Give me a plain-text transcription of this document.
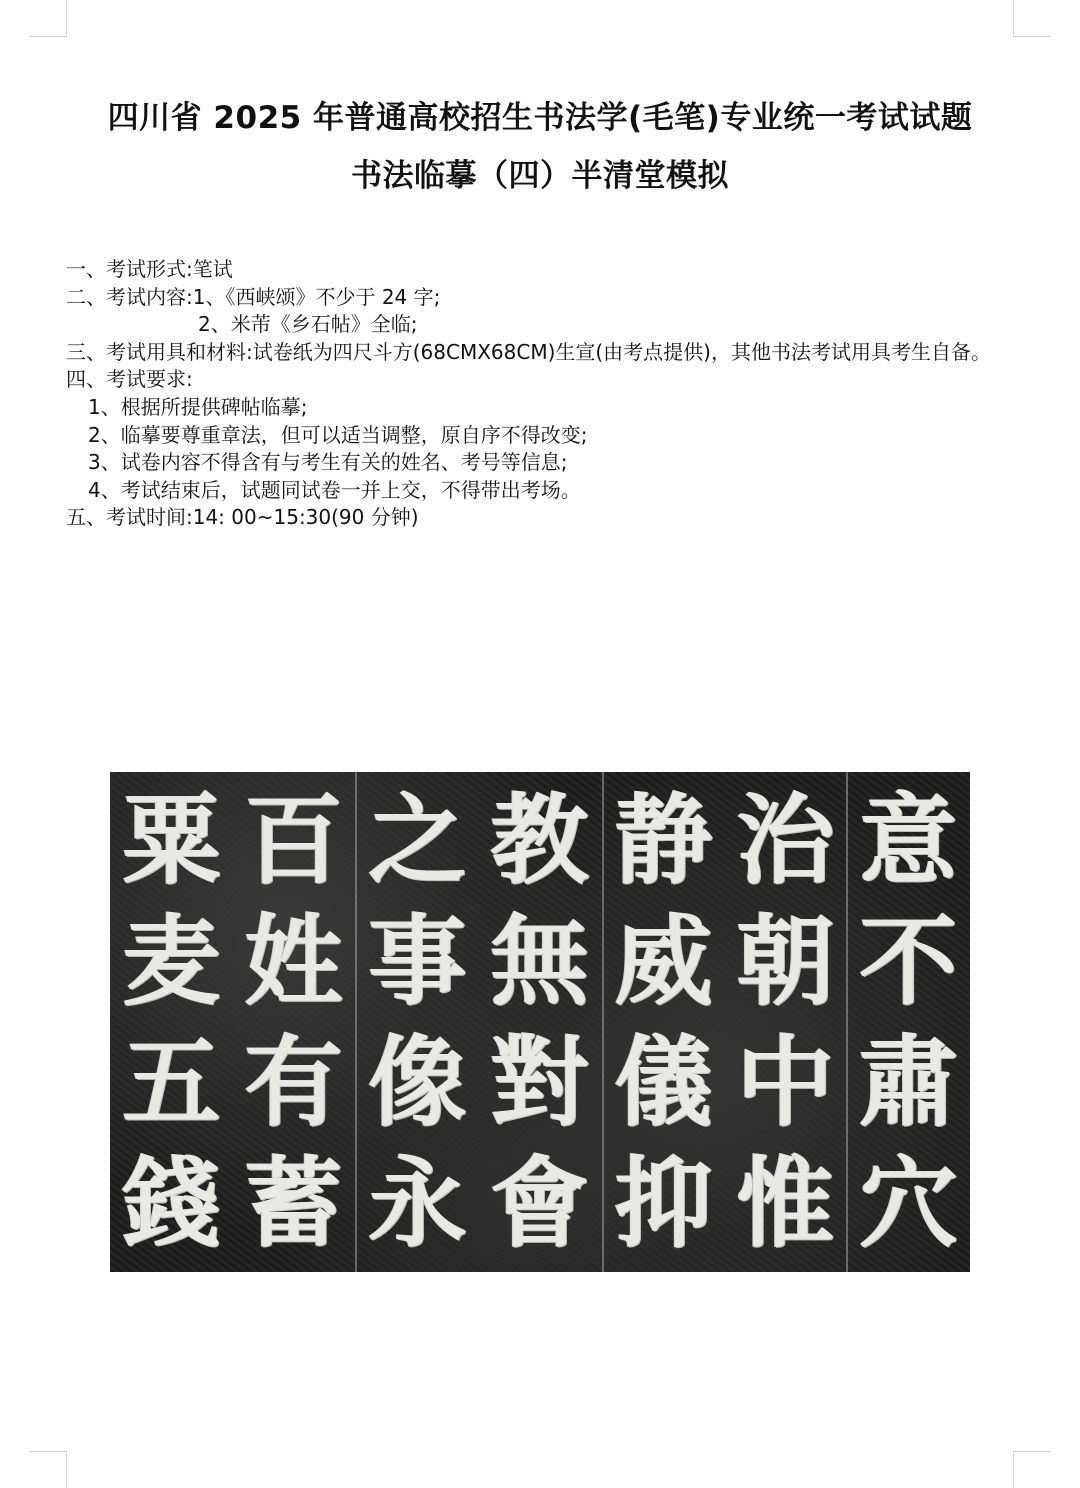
四川省 2025 年普通高校招生书法学(毛笔)专业统一考试试题
书法临摹（四）半清堂模拟
一、考试形式:笔试
二、考试内容:1、《西峡颂》不少于 24 字;
2、米芾《乡石帖》全临;
三、考试用具和材料:试卷纸为四尺斗方(68CMX68CM)生宣(由考点提供)，其他书法考试用具考生自备。
四、考试要求:
1、根据所提供碑帖临摹;
2、临摹要尊重章法，但可以适当调整，原自序不得改变;
3、试卷内容不得含有与考生有关的姓名、考号等信息;
4、考试结束后，试题同试卷一并上交，不得带出考场。
五、考试时间:14: 00~15:30(90 分钟)
粟
麦
五
錢
百
姓
有
蓄
之
事
像
永
教
無
對
會
静
威
儀
抑
治
朝
中
惟
意
不
肅
穴
